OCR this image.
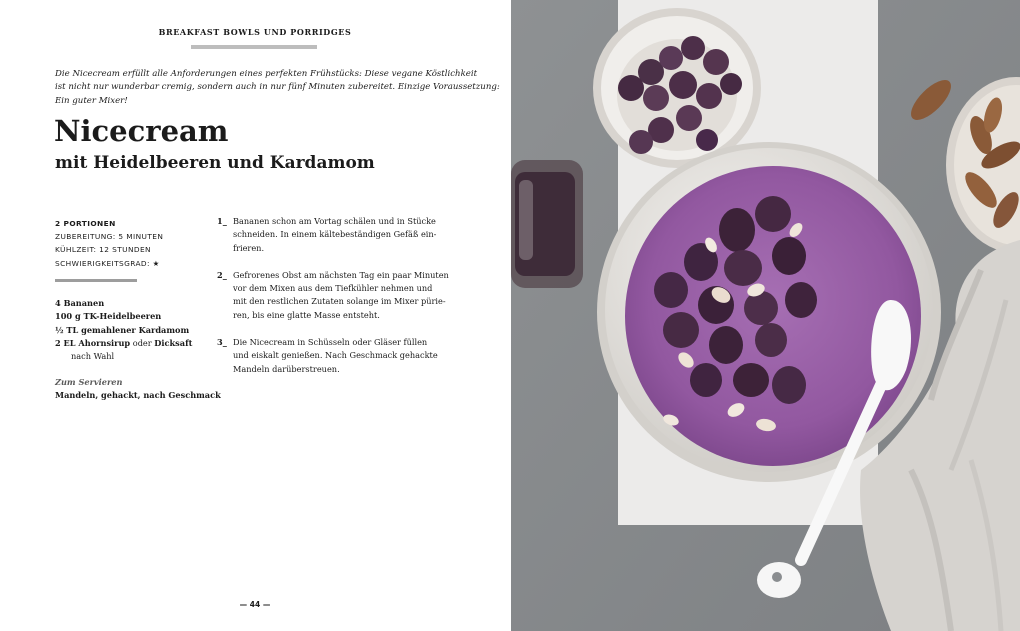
BREAKFAST BOWLS UND PORRIDGES
Die Nicecream erfüllt alle Anforderungen eines perfekten Frühstücks: Diese vegane Köstlichkeit
ist nicht nur wunderbar cremig, sondern auch in nur fünf Minuten zubereitet. Einzige Voraussetzung:
Ein guter Mixer!
Nicecream
mit Heidelbeeren und Kardamom
2 PORTIONEN
ZUBEREITUNG: 5 MINUTEN
KÜHLZEIT: 12 STUNDEN
SCHWIERIGKEITSGRAD: ★
4 Bananen
100 g TK-Heidelbeeren
½ TL gemahlener Kardamom
2 EL Ahornsirup oder Dicksaft
nach Wahl
Zum Servieren
Mandeln, gehackt, nach Geschmack
1_ Bananen schon am Vortag schälen und in Stücke
schneiden. In einem kältebeständigen Gefäß ein-
frieren.
2_ Gefrorenes Obst am nächsten Tag ein paar Minuten
vor dem Mixen aus dem Tiefkühler nehmen und
mit den restlichen Zutaten solange im Mixer pürie-
ren, bis eine glatte Masse entsteht.
3_ Die Nicecream in Schüsseln oder Gläser füllen
und eiskalt genießen. Nach Geschmack gehackte
Mandeln darüberstreuen.
— 44 —
